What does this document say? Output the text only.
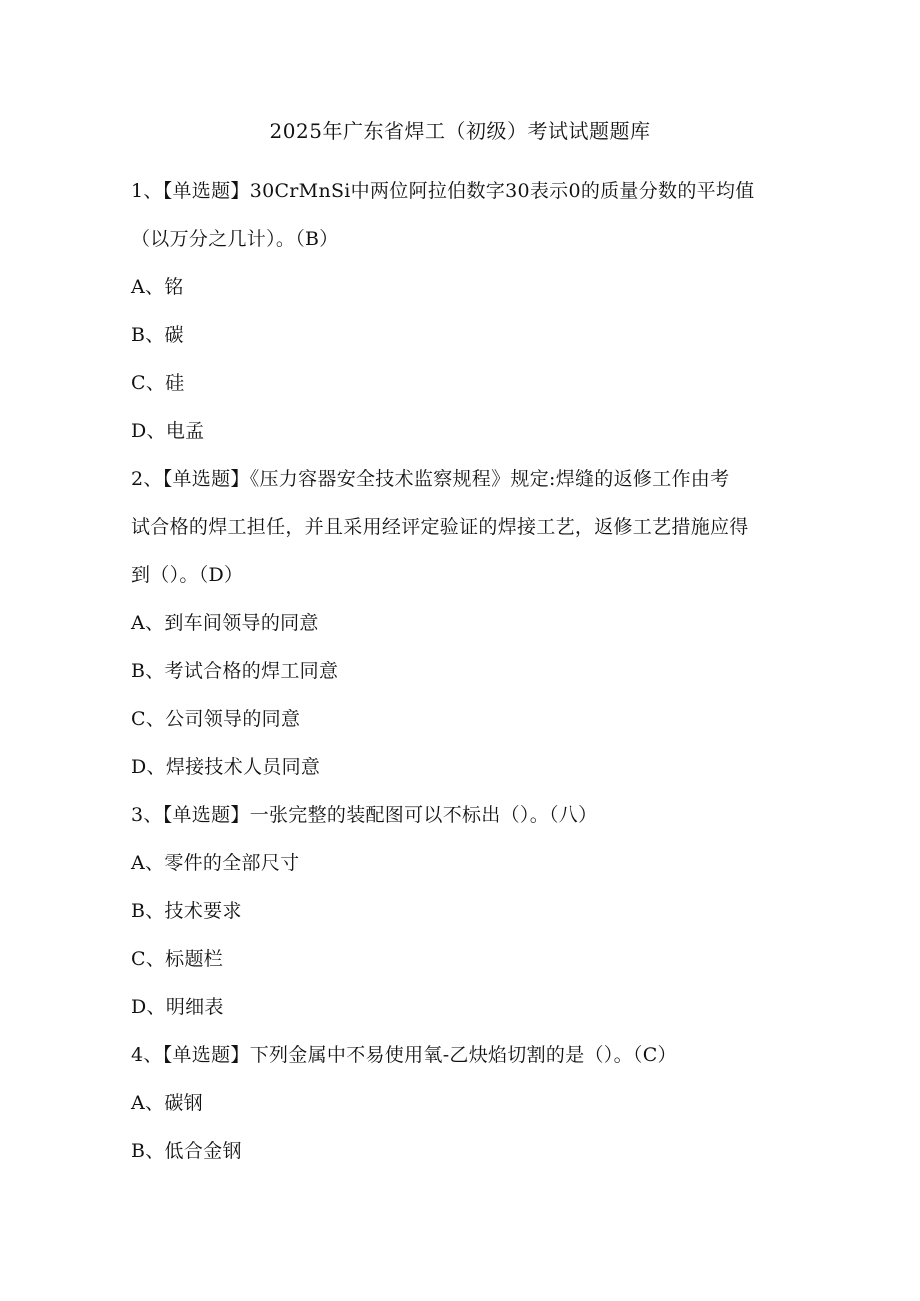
2025年广东省焊工（初级）考试试题题库
1、【单选题】30CrMnSi中两位阿拉伯数字30表示0的质量分数的平均值
（以万分之几计）。（B）
A、铭
B、碳
C、硅
D、电孟
2、【单选题】《压力容器安全技术监察规程》规定:焊缝的返修工作由考
试合格的焊工担任，并且采用经评定验证的焊接工艺，返修工艺措施应得
到（）。（D）
A、到车间领导的同意
B、考试合格的焊工同意
C、公司领导的同意
D、焊接技术人员同意
3、【单选题】一张完整的装配图可以不标出（）。（八）
A、零件的全部尺寸
B、技术要求
C、标题栏
D、明细表
4、【单选题】下列金属中不易使用氧-乙炔焰切割的是（）。（C）
A、碳钢
B、低合金钢
